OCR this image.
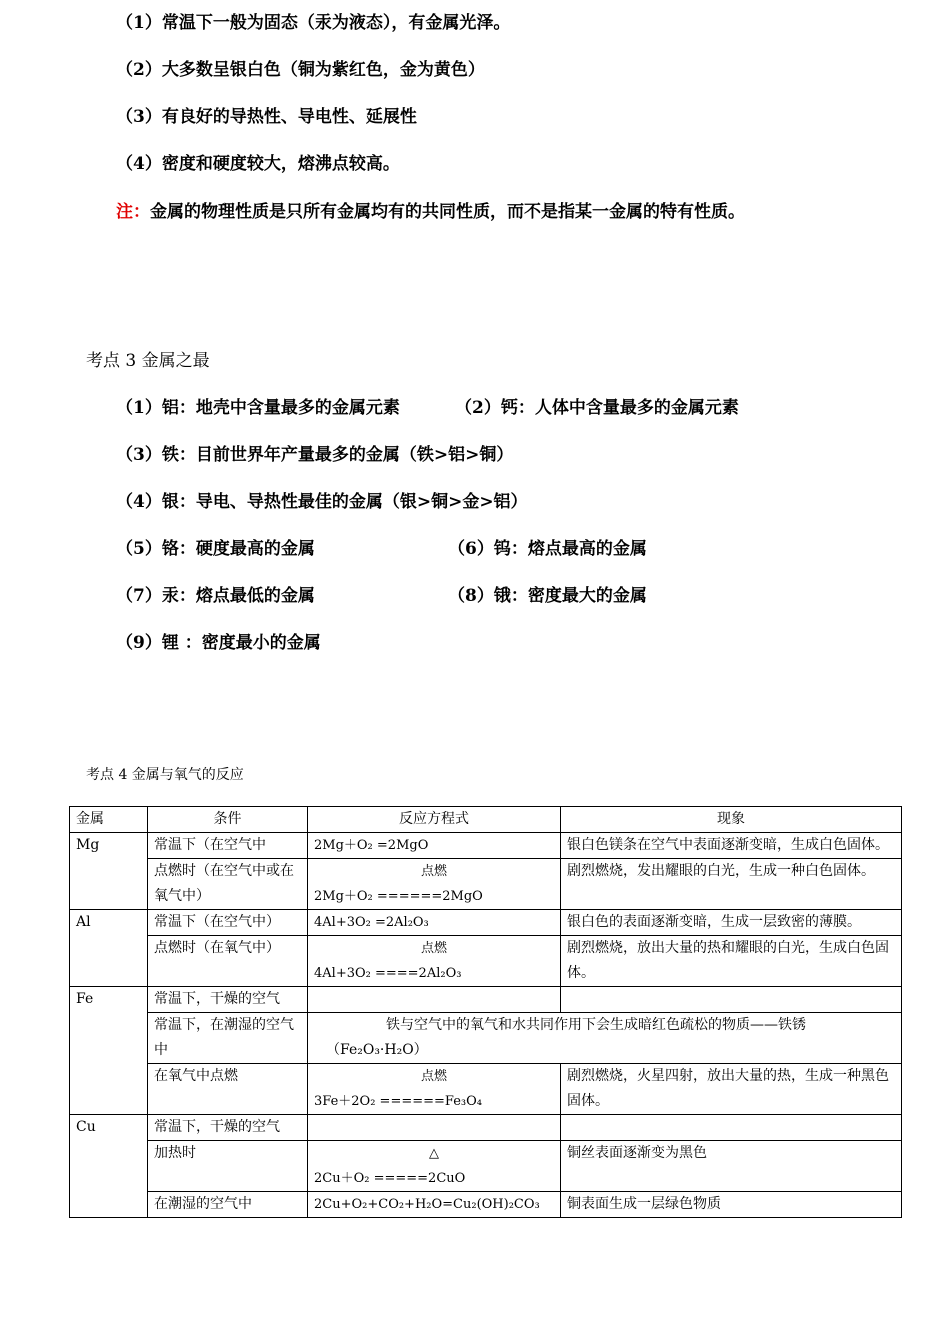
（1）常温下一般为固态（汞为液态），有金属光泽。
（2）大多数呈银白色（铜为紫红色，金为黄色）
（3）有良好的导热性、导电性、延展性
（4）密度和硬度较大，熔沸点较高。
注：金属的物理性质是只所有金属均有的共同性质，而不是指某一金属的特有性质。
考点 3 金属之最
（1）铝：地壳中含量最多的金属元素	（2）钙：人体中含量最多的金属元素
（3）铁：目前世界年产量最多的金属（铁>铝>铜）
（4）银：导电、导热性最佳的金属（银>铜>金>铝）
（5）铬：硬度最高的金属	（6）钨：熔点最高的金属
（7）汞：熔点最低的金属	（8）锇：密度最大的金属
（9）锂 ：密度最小的金属
考点 4 金属与氧气的反应
金属	条件	反应方程式	现象
Mg	常温下（在空气中	2Mg＋O₂ =2MgO	银白色镁条在空气中表面逐渐变暗，生成白色固体。
	点燃时（在空气中或在氧气中）	点燃
2Mg＋O₂ ======2MgO	剧烈燃烧，发出耀眼的白光，生成一种白色固体。
Al	常温下（在空气中）	4Al+3O₂ =2Al₂O₃	银白色的表面逐渐变暗，生成一层致密的薄膜。
	点燃时（在氧气中）	点燃
4Al+3O₂ ====2Al₂O₃	剧烈燃烧，放出大量的热和耀眼的白光，生成白色固体。
Fe	常温下，干燥的空气		
	常温下，在潮湿的空气中	铁与空气中的氧气和水共同作用下会生成暗红色疏松的物质——铁锈（Fe₂O₃·H₂O）	
	在氧气中点燃	点燃
3Fe＋2O₂ ======Fe₃O₄	剧烈燃烧，火星四射，放出大量的热，生成一种黑色固体。
Cu	常温下，干燥的空气		
	加热时	△
2Cu＋O₂ =====2CuO	铜丝表面逐渐变为黑色
	在潮湿的空气中	2Cu+O₂+CO₂+H₂O=Cu₂(OH)₂CO₃	铜表面生成一层绿色物质
